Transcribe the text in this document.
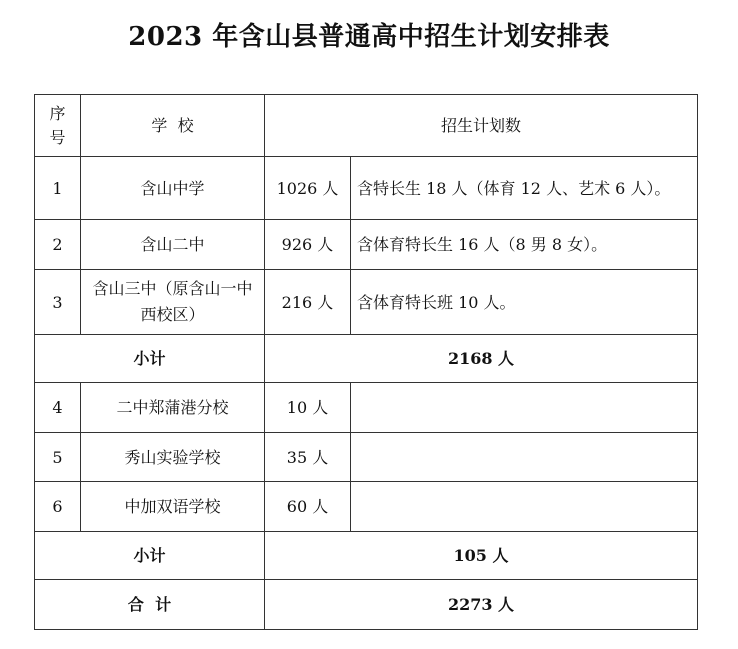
2023 年含山县普通高中招生计划安排表
序
号	学  校	招生计划数	
1	含山中学	1026 人	含特长生 18 人（体育 12 人、艺术 6 人）。
2	含山二中	926 人	含体育特长生 16 人（8 男 8 女）。
3	含山三中（原含山一中西校区）	216 人	含体育特长班 10 人。
小计		2168 人	
4	二中郑蒲港分校	10 人	
5	秀山实验学校	35 人	
6	中加双语学校	60 人	
小计		105 人	
合  计		2273 人	
